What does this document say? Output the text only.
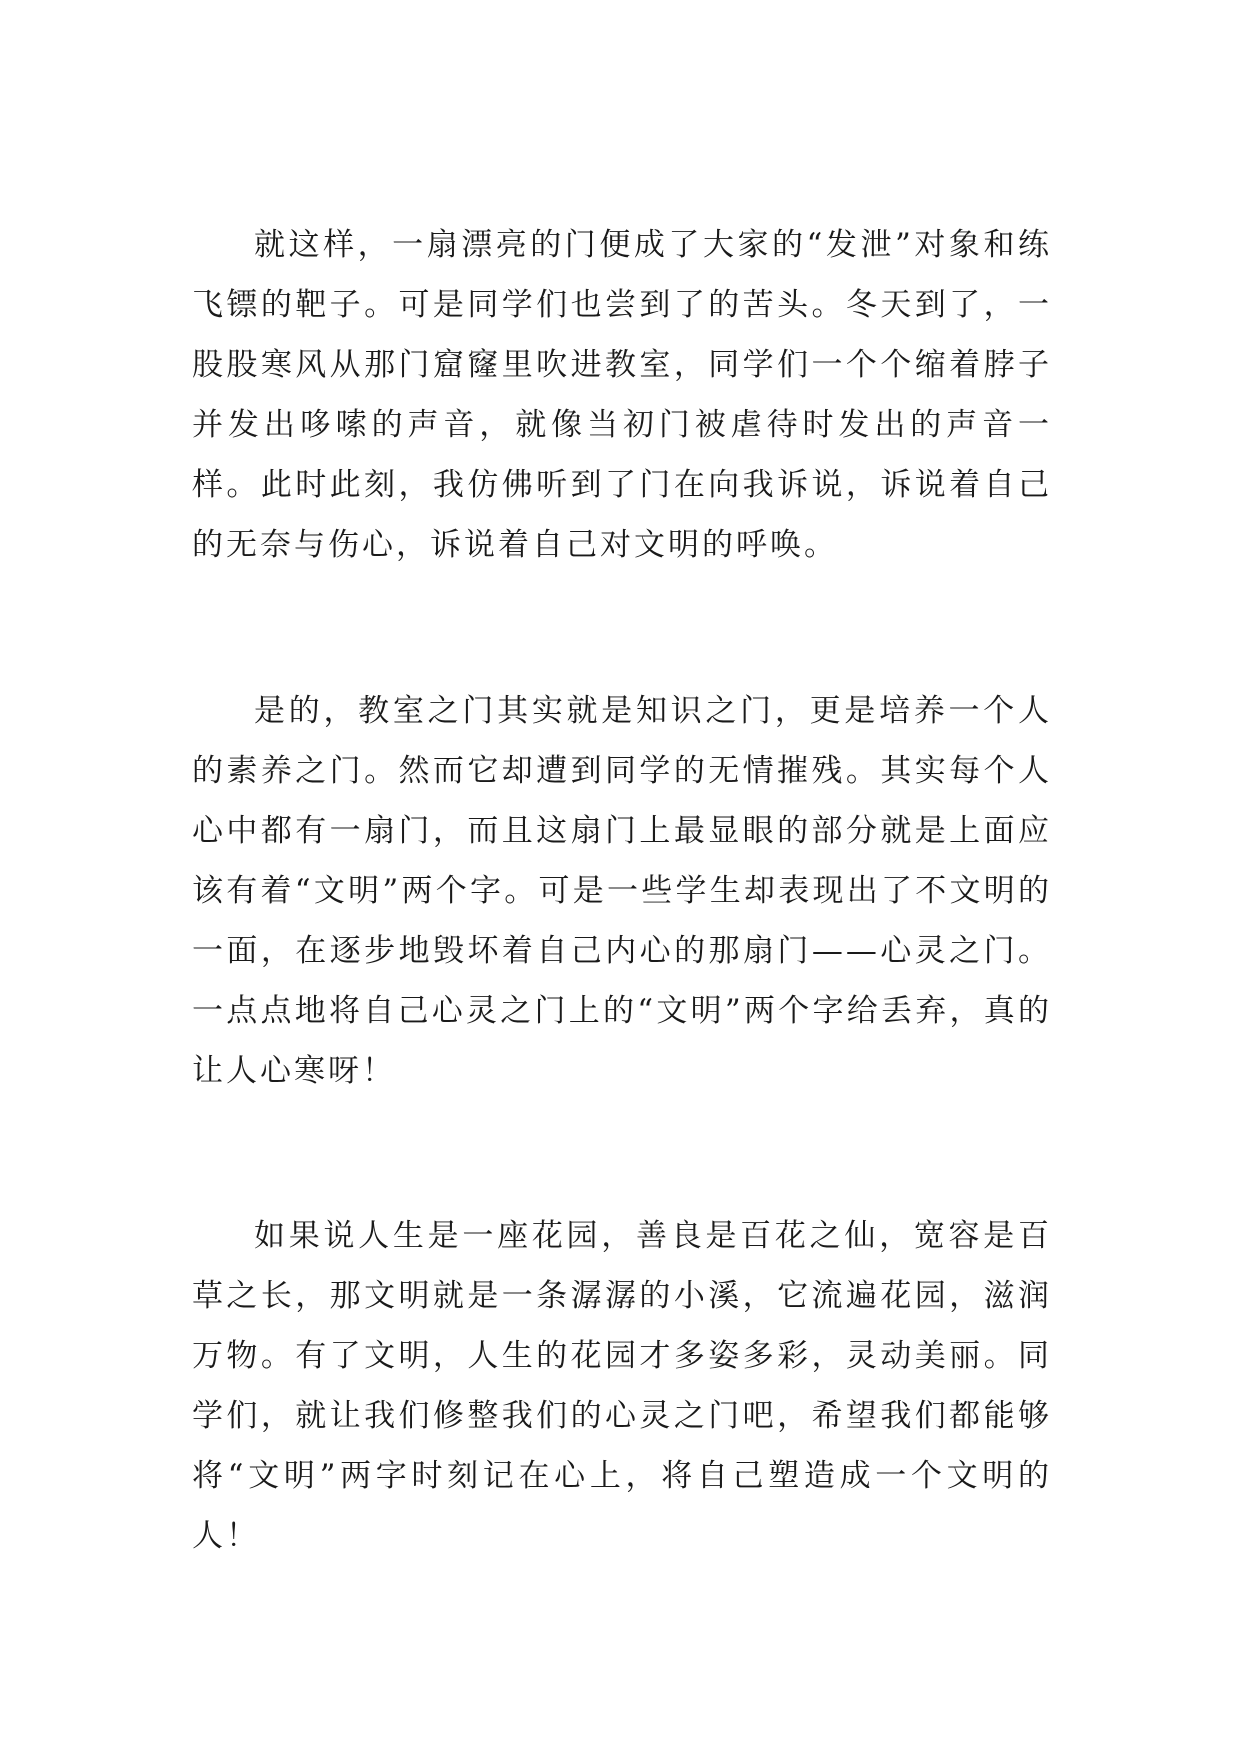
就这样，一扇漂亮的门便成了大家的“发泄”对象和练飞镖的靶子。可是同学们也尝到了的苦头。冬天到了，一股股寒风从那门窟窿里吹进教室，同学们一个个缩着脖子并发出哆嗦的声音，就像当初门被虐待时发出的声音一样。此时此刻，我仿佛听到了门在向我诉说，诉说着自己的无奈与伤心，诉说着自己对文明的呼唤。

是的，教室之门其实就是知识之门，更是培养一个人的素养之门。然而它却遭到同学的无情摧残。其实每个人心中都有一扇门，而且这扇门上最显眼的部分就是上面应该有着“文明”两个字。可是一些学生却表现出了不文明的一面，在逐步地毁坏着自己内心的那扇门——心灵之门。一点点地将自己心灵之门上的“文明”两个字给丢弃，真的让人心寒呀！

如果说人生是一座花园，善良是百花之仙，宽容是百草之长，那文明就是一条潺潺的小溪，它流遍花园，滋润万物。有了文明，人生的花园才多姿多彩，灵动美丽。同学们，就让我们修整我们的心灵之门吧，希望我们都能够将“文明”两字时刻记在心上，将自己塑造成一个文明的人！
